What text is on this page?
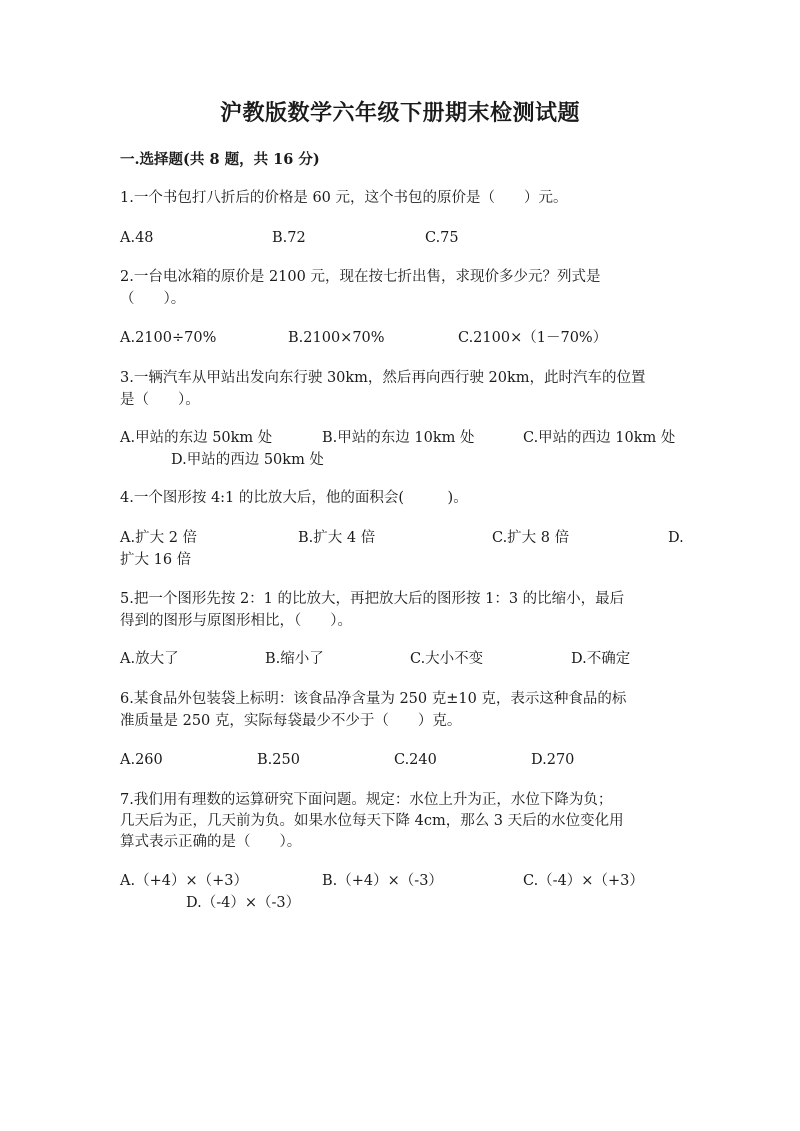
沪教版数学六年级下册期末检测试题
一.选择题(共 8 题，共 16 分)
1.一个书包打八折后的价格是 60 元，这个书包的原价是（　　）元。
A.48	B.72	C.75
2.一台电冰箱的原价是 2100 元，现在按七折出售，求现价多少元？列式是
（　　）。
A.2100÷70%	B.2100×70%	C.2100×（1－70%）
3.一辆汽车从甲站出发向东行驶 30km，然后再向西行驶 20km，此时汽车的位置
是（　　）。
A.甲站的东边 50km 处	B.甲站的东边 10km 处	C.甲站的西边 10km 处
D.甲站的西边 50km 处
4.一个图形按 4:1 的比放大后，他的面积会(　　　)。
A.扩大 2 倍	B.扩大 4 倍	C.扩大 8 倍	D.
扩大 16 倍
5.把一个图形先按 2：1 的比放大，再把放大后的图形按 1：3 的比缩小，最后
得到的图形与原图形相比，（　　）。
A.放大了	B.缩小了	C.大小不变	D.不确定
6.某食品外包装袋上标明：该食品净含量为 250 克±10 克，表示这种食品的标
准质量是 250 克，实际每袋最少不少于（　　）克。
A.260	B.250	C.240	D.270
7.我们用有理数的运算研究下面问题。规定：水位上升为正，水位下降为负；
几天后为正，几天前为负。如果水位每天下降 4cm，那么 3 天后的水位变化用
算式表示正确的是（　　）。
A.（+4）×（+3）	B.（+4）×（-3）	C.（-4）×（+3）
D.（-4）×（-3）
